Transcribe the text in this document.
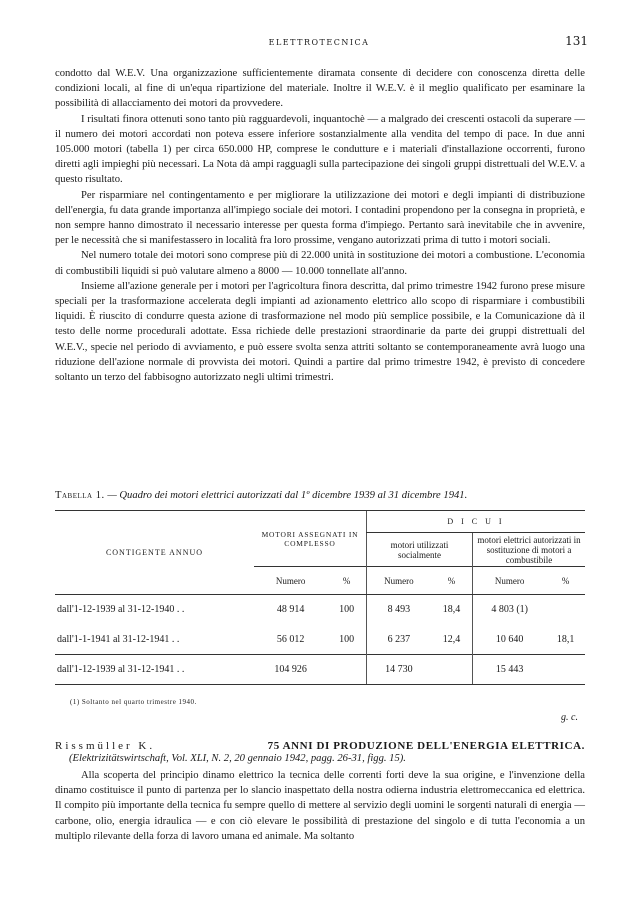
ELETTROTECNICA	131

condotto dal W.E.V. Una organizzazione sufficientemente diramata consente di decidere con conoscenza diretta delle condizioni locali, al fine di un'equa ripartizione del materiale. Inoltre il W.E.V. è il meglio qualificato per esaminare la possibilità di allacciamento dei motori da provvedere.

I risultati finora ottenuti sono tanto più ragguardevoli, inquantochè — a malgrado dei crescenti ostacoli da superare — il numero dei motori accordati non poteva essere inferiore sostanzialmente alla vendita del tempo di pace. In due anni 105.000 motori (tabella 1) per circa 650.000 HP, comprese le condutture e i materiali d'installazione occorrenti, furono diretti agli impieghi più necessari. La Nota dà ampi ragguagli sulla partecipazione dei singoli gruppi distrettuali del W.E.V. a questo risultato.

Per risparmiare nel contingentamento e per migliorare la utilizzazione dei motori e degli impianti di distribuzione dell'energia, fu data grande importanza all'impiego sociale dei motori. I contadini propendono per la consegna in proprietà, e non sempre hanno dimostrato il necessario interesse per questa forma d'impiego. Pertanto sarà inevitabile che in avvenire, per le necessità che si manifestassero in località fra loro prossime, vengano autorizzati prima di tutto i motori sociali.

Nel numero totale dei motori sono comprese più di 22.000 unità in sostituzione dei motori a combustione. L'economia di combustibili liquidi si può valutare almeno a 8000 — 10.000 tonnellate all'anno.

Insieme all'azione generale per i motori per l'agricoltura finora descritta, dal primo trimestre 1942 furono prese misure speciali per la trasformazione accelerata degli impianti ad azionamento elettrico allo scopo di risparmiare i combustibili liquidi. È riuscito di condurre questa azione di trasformazione nel modo più semplice possibile, e la Comunicazione dà il testo delle norme procedurali adottate. Essa richiede delle prestazioni straordinarie da parte dei gruppi distrettuali del W.E.V., specie nel periodo di avviamento, e può essere svolta senza attriti soltanto se contemporaneamente avrà luogo una riduzione dell'azione normale di provvista dei motori. Quindi a partire dal primo trimestre 1942, è previsto di concedere soltanto un terzo del fabbisogno autorizzato negli ultimi trimestri.

Tabella 1. — Quadro dei motori elettrici autorizzati dal 1º dicembre 1939 al 31 dicembre 1941.
CONTIGENTE ANNUO	MOTORI ASSEGNATI IN COMPLESSO		D I C U I			
			motori utilizzati socialmente		motori elettrici autorizzati in sostituzione di motori a combustibile	
	Numero	%	Numero	%	Numero	%
dall'1-12-1939 al 31-12-1940 . .	48 914	100	8 493	18,4	4 803 (1)	
dall'1-1-1941 al 31-12-1941 . .	56 012	100	6 237	12,4	10 640	18,1
dall'1-12-1939 al 31-12-1941 . .	104 926		14 730		15 443	
(1) Soltanto nel quarto trimestre 1940.
g. c.
Rissmüller K.	75 ANNI DI PRODUZIONE DELL'ENERGIA ELETTRICA.
(Elektrizitätswirtschaft, Vol. XLI, N. 2, 20 gennaio 1942, pagg. 26-31, figg. 15).
Alla scoperta del principio dinamo elettrico la tecnica delle correnti forti deve la sua origine, e l'invenzione della dinamo costituisce il punto di partenza per lo slancio inaspettato della nostra odierna industria elettromeccanica ed elettrica. Il compito più importante della tecnica fu sempre quello di mettere al servizio degli uomini le sorgenti naturali di energia — carbone, olio, energia idraulica — e con ciò elevare le possibilità di prestazione del singolo e di tutta l'economia a un multiplo rilevante della forza di lavoro umana ed animale. Ma soltanto
